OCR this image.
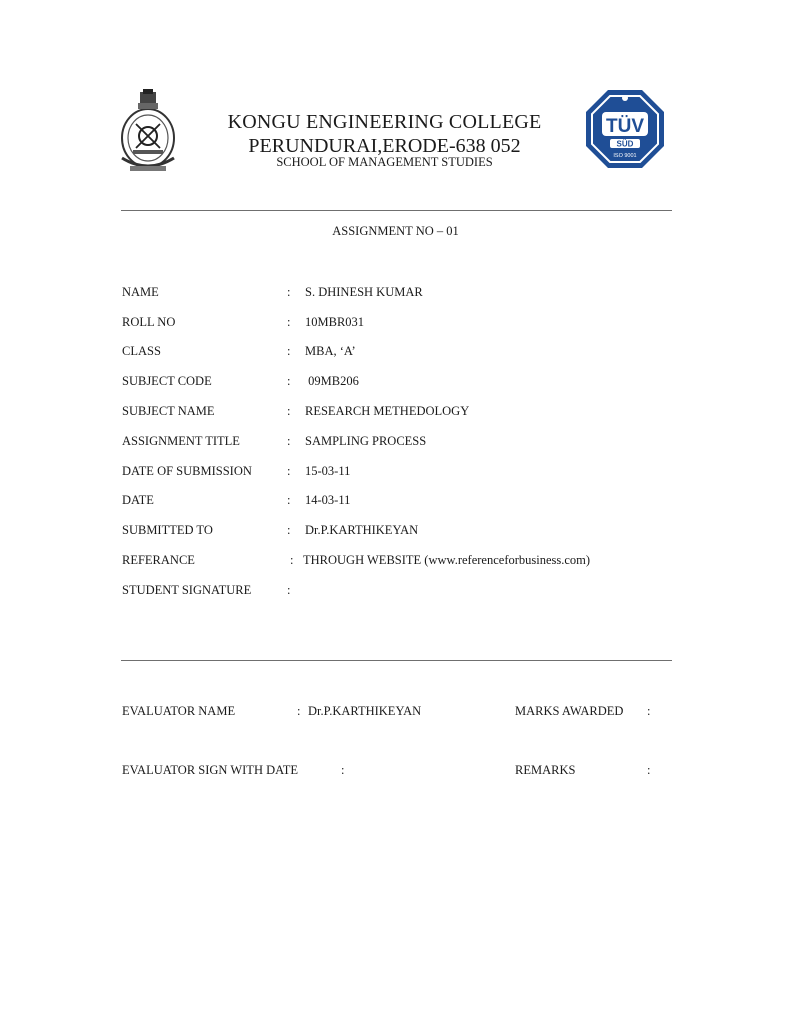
KONGU ENGINEERING COLLEGE
PERUNDURAI,ERODE-638 052
SCHOOL OF MANAGEMENT STUDIES
TÜV
SÜD
ISO 9001
ASSIGNMENT NO – 01
NAME	: S. DHINESH KUMAR
ROLL NO	: 10MBR031
CLASS	: MBA, ‘A’
SUBJECT CODE	: 09MB206
SUBJECT NAME	: RESEARCH METHEDOLOGY
ASSIGNMENT TITLE	: SAMPLING PROCESS
DATE OF SUBMISSION	: 15-03-11
DATE	: 14-03-11
SUBMITTED TO	: Dr.P.KARTHIKEYAN
REFERANCE	: THROUGH WEBSITE (www.referenceforbusiness.com)
STUDENT SIGNATURE	:
EVALUATOR NAME	: Dr.P.KARTHIKEYAN	MARKS AWARDED :
EVALUATOR SIGN WITH DATE	:	REMARKS	:
